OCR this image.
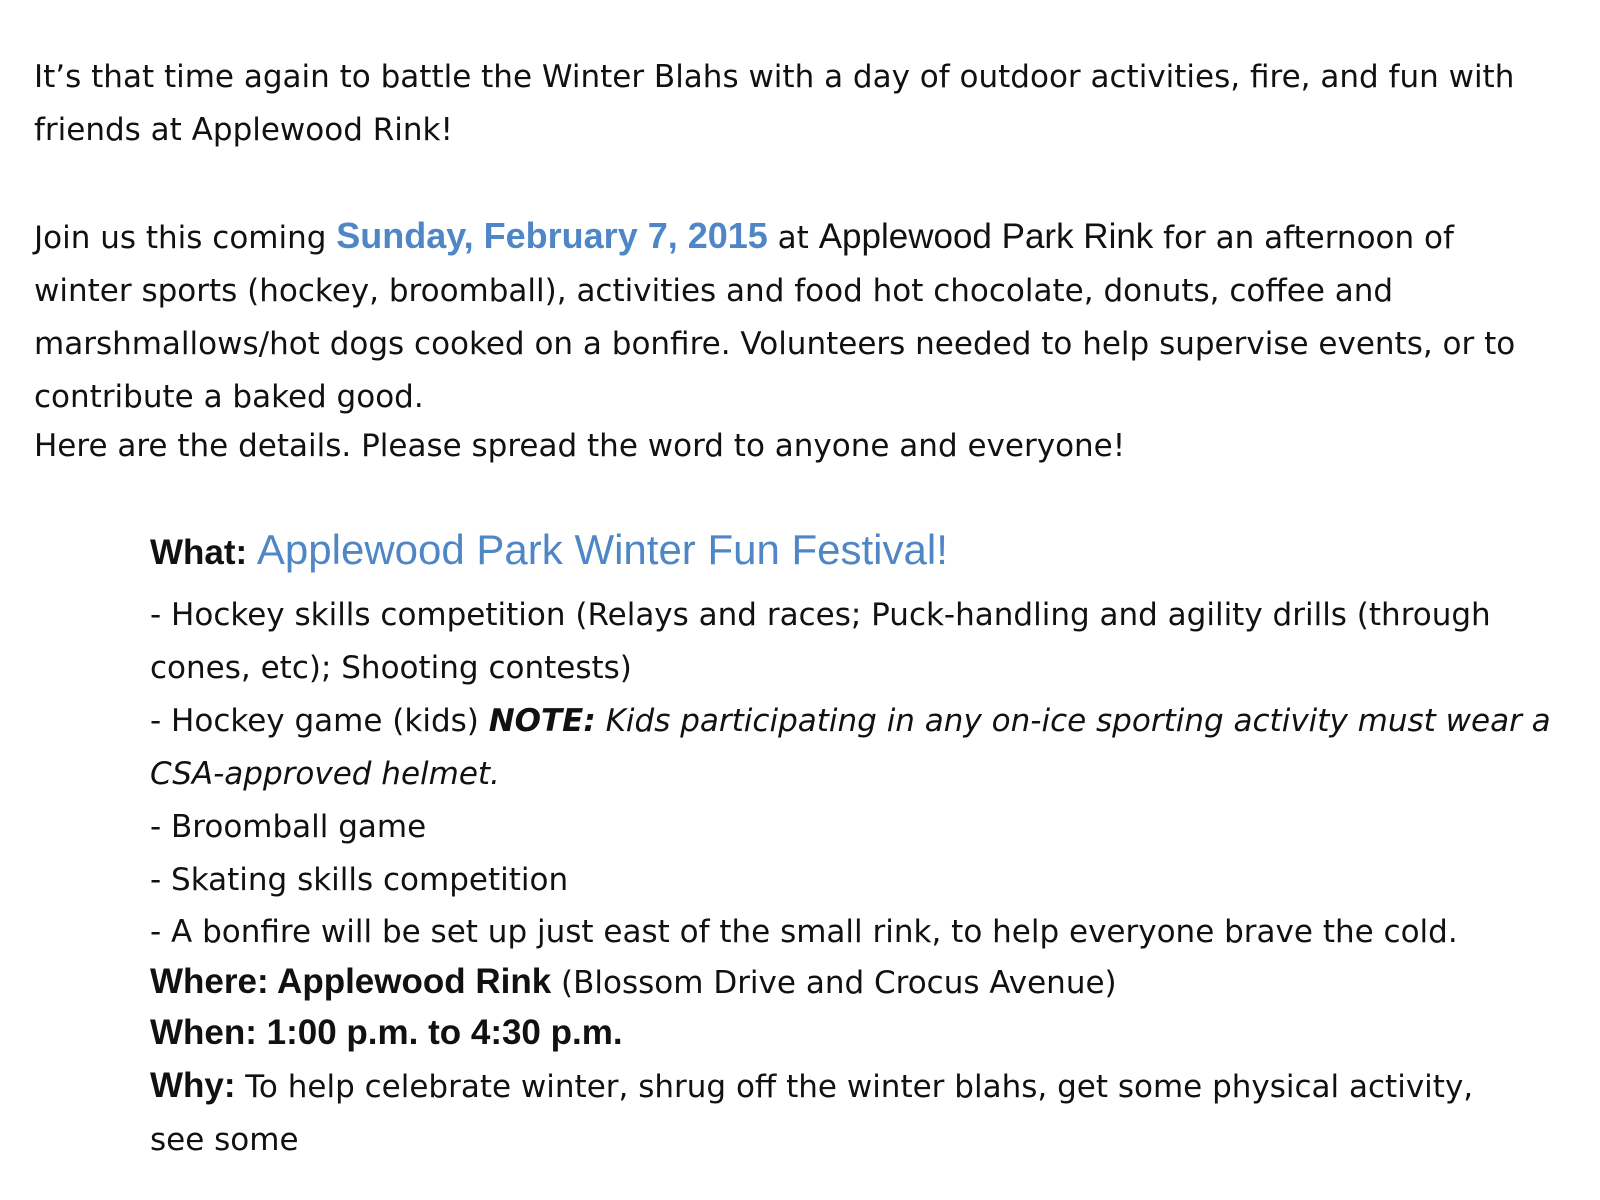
It’s that time again to battle the Winter Blahs with a day of outdoor activities, fire, and fun with
friends at Applewood Rink!

Join us this coming Sunday, February 7, 2015 at Applewood Park Rink for an afternoon of
winter sports (hockey, broomball), activities and food hot chocolate, donuts, coffee and
marshmallows/hot dogs cooked on a bonfire. Volunteers needed to help supervise events, or to
contribute a baked good.

Here are the details. Please spread the word to anyone and everyone!

What: Applewood Park Winter Fun Festival!

- Hockey skills competition (Relays and races; Puck-handling and agility drills (through
cones, etc); Shooting contests)

- Hockey game (kids) NOTE: Kids participating in any on-ice sporting activity must wear a
CSA-approved helmet.

- Broomball game

- Skating skills competition

- A bonfire will be set up just east of the small rink, to help everyone brave the cold.

Where: Applewood Rink (Blossom Drive and Crocus Avenue)

When: 1:00 p.m. to 4:30 p.m.

Why: To help celebrate winter, shrug off the winter blahs, get some physical activity,
see some
